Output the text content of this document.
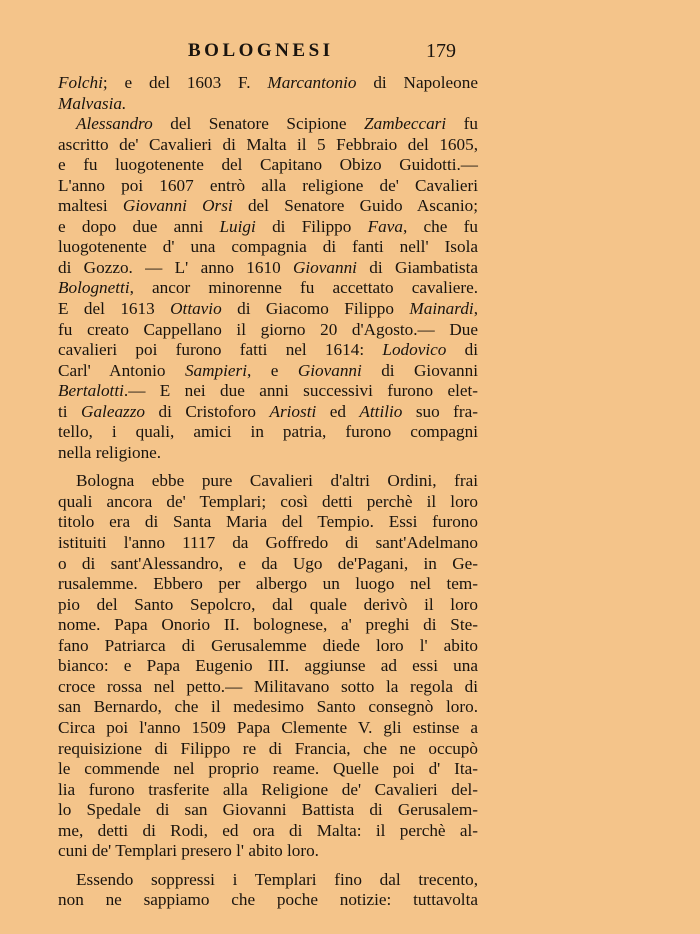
BOLOGNESI	179
Folchi; e del 1603 F. Marcantonio di Napoleone
Malvasia.
Alessandro del Senatore Scipione Zambeccari fu
ascritto de' Cavalieri di Malta il 5 Febbraio del 1605,
e fu luogotenente del Capitano Obizo Guidotti.—
L'anno poi 1607 entrò alla religione de' Cavalieri
maltesi Giovanni Orsi del Senatore Guido Ascanio;
e dopo due anni Luigi di Filippo Fava, che fu
luogotenente d' una compagnia di fanti nell' Isola
di Gozzo. — L' anno 1610 Giovanni di Giambatista
Bolognetti, ancor minorenne fu accettato cavaliere.
E del 1613 Ottavio di Giacomo Filippo Mainardi,
fu creato Cappellano il giorno 20 d'Agosto.— Due
cavalieri poi furono fatti nel 1614: Lodovico di
Carl' Antonio Sampieri, e Giovanni di Giovanni
Bertalotti.— E nei due anni successivi furono elet-
ti Galeazzo di Cristoforo Ariosti ed Attilio suo fra-
tello, i quali, amici in patria, furono compagni
nella religione.
Bologna ebbe pure Cavalieri d'altri Ordini, frai
quali ancora de' Templari; così detti perchè il loro
titolo era di Santa Maria del Tempio. Essi furono
istituiti l'anno 1117 da Goffredo di sant'Adelmano
o di sant'Alessandro, e da Ugo de'Pagani, in Ge-
rusalemme. Ebbero per albergo un luogo nel tem-
pio del Santo Sepolcro, dal quale derivò il loro
nome. Papa Onorio II. bolognese, a' preghi di Ste-
fano Patriarca di Gerusalemme diede loro l' abito
bianco: e Papa Eugenio III. aggiunse ad essi una
croce rossa nel petto.— Militavano sotto la regola di
san Bernardo, che il medesimo Santo consegnò loro.
Circa poi l'anno 1509 Papa Clemente V. gli estinse a
requisizione di Filippo re di Francia, che ne occupò
le commende nel proprio reame. Quelle poi d' Ita-
lia furono trasferite alla Religione de' Cavalieri del-
lo Spedale di san Giovanni Battista di Gerusalem-
me, detti di Rodi, ed ora di Malta: il perchè al-
cuni de' Templari presero l' abito loro.
Essendo soppressi i Templari fino dal trecento,
non ne sappiamo che poche notizie: tuttavolta
